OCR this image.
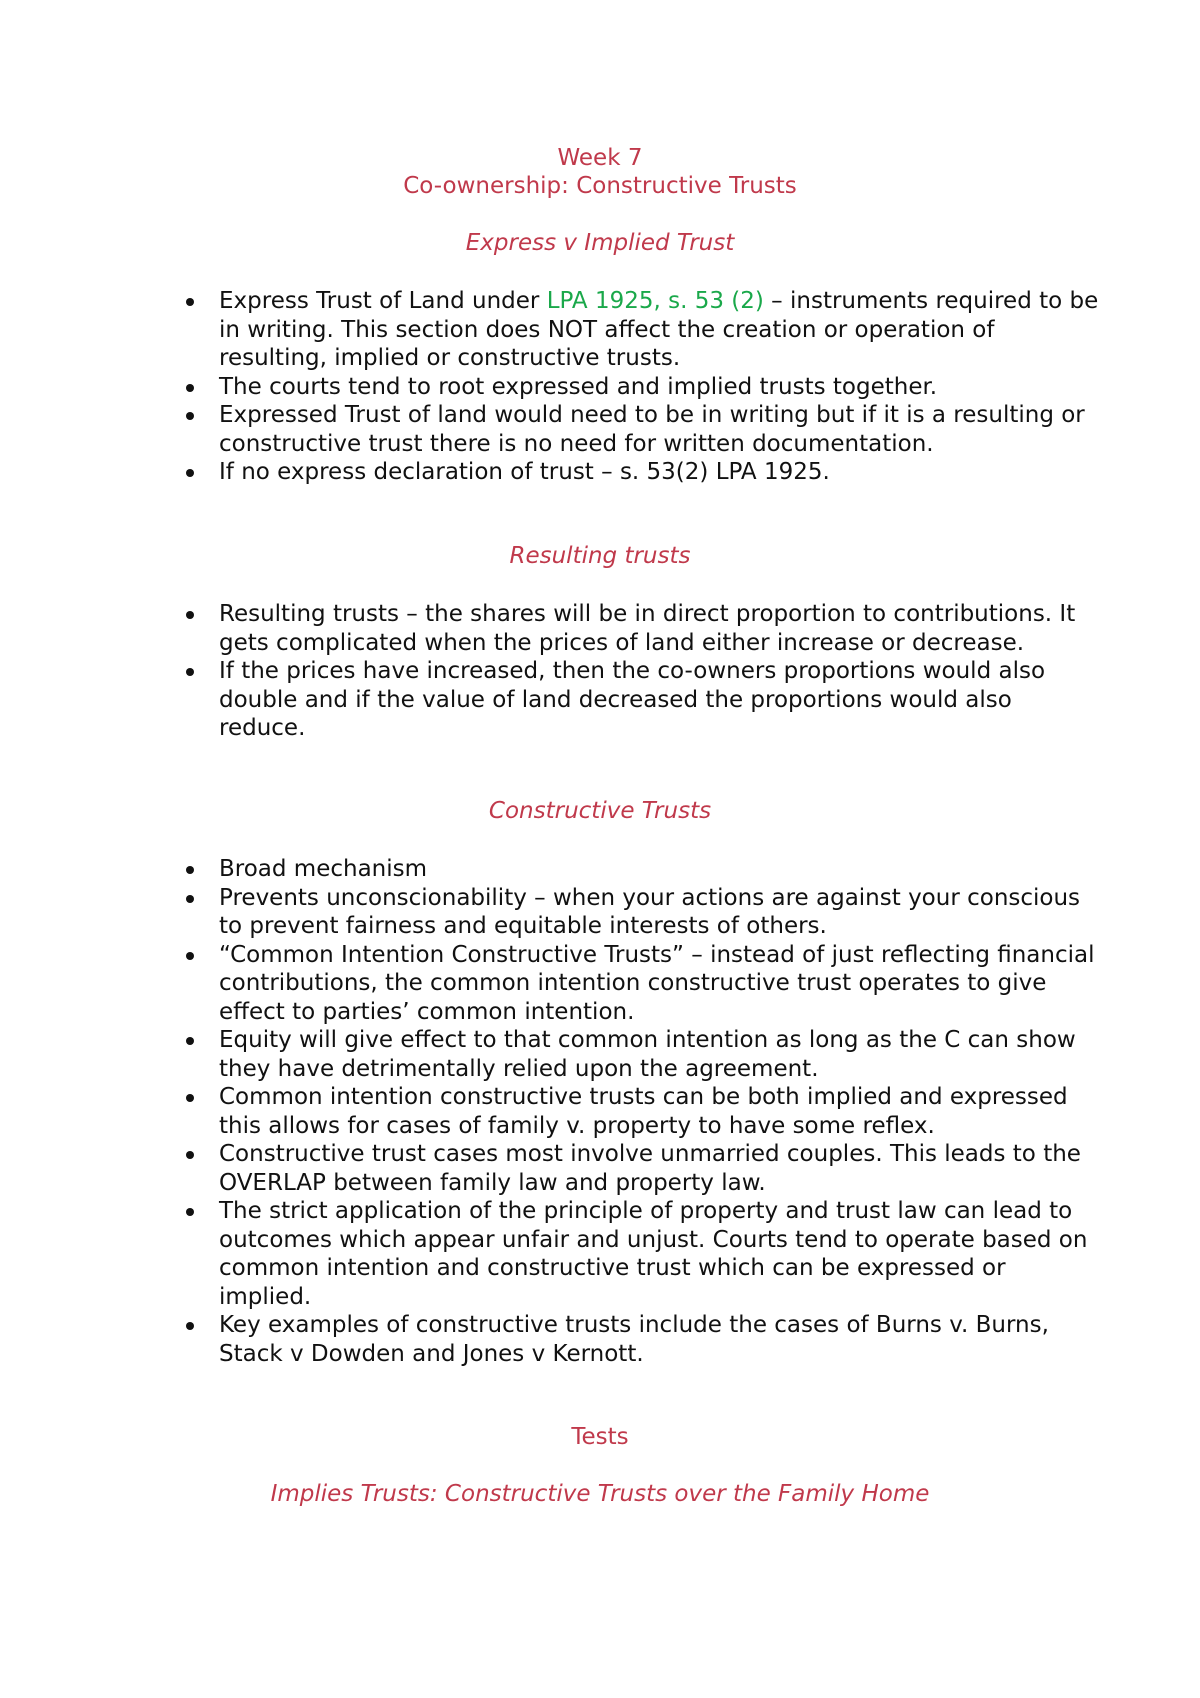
Week 7
Co-ownership: Constructive Trusts
Express v Implied Trust
Express Trust of Land under LPA 1925, s. 53 (2) – instruments required to be in writing. This section does NOT affect the creation or operation of resulting, implied or constructive trusts.
The courts tend to root expressed and implied trusts together.
Expressed Trust of land would need to be in writing but if it is a resulting or constructive trust there is no need for written documentation.
If no express declaration of trust – s. 53(2) LPA 1925.
Resulting trusts
Resulting trusts – the shares will be in direct proportion to contributions. It gets complicated when the prices of land either increase or decrease.
If the prices have increased, then the co-owners proportions would also double and if the value of land decreased the proportions would also reduce.
Constructive Trusts
Broad mechanism
Prevents unconscionability – when your actions are against your conscious to prevent fairness and equitable interests of others.
“Common Intention Constructive Trusts” – instead of just reflecting financial contributions, the common intention constructive trust operates to give effect to parties’ common intention.
Equity will give effect to that common intention as long as the C can show they have detrimentally relied upon the agreement.
Common intention constructive trusts can be both implied and expressed this allows for cases of family v. property to have some reflex.
Constructive trust cases most involve unmarried couples. This leads to the OVERLAP between family law and property law.
The strict application of the principle of property and trust law can lead to outcomes which appear unfair and unjust. Courts tend to operate based on common intention and constructive trust which can be expressed or implied.
Key examples of constructive trusts include the cases of Burns v. Burns, Stack v Dowden and Jones v Kernott.
Tests
Implies Trusts: Constructive Trusts over the Family Home
